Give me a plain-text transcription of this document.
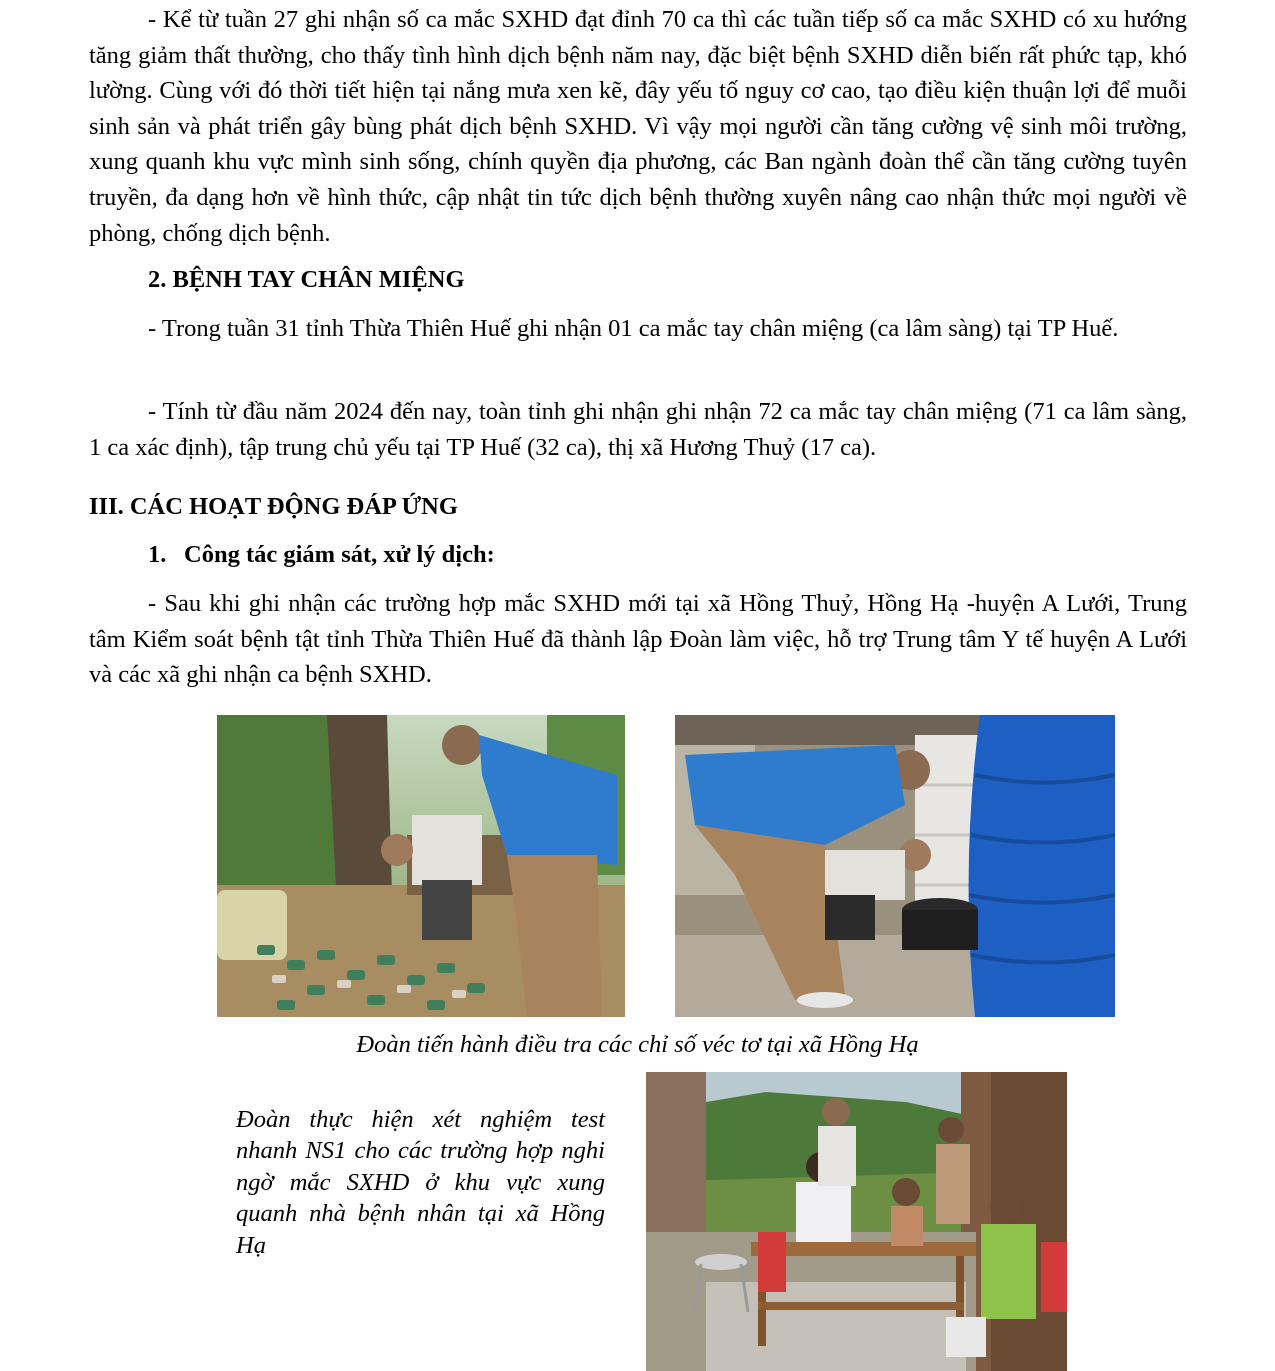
- Kể từ tuần 27 ghi nhận số ca mắc SXHD đạt đỉnh 70 ca thì các tuần tiếp số ca mắc SXHD có xu hướng tăng giảm thất thường, cho thấy tình hình dịch bệnh năm nay, đặc biệt bệnh SXHD diễn biến rất phức tạp, khó lường. Cùng với đó thời tiết hiện tại nắng mưa xen kẽ, đây yếu tố nguy cơ cao, tạo điều kiện thuận lợi để muỗi sinh sản và phát triển gây bùng phát dịch bệnh SXHD. Vì vậy mọi người cần tăng cường vệ sinh môi trường, xung quanh khu vực mình sinh sống, chính quyền địa phương, các Ban ngành đoàn thể cần tăng cường tuyên truyền, đa dạng hơn về hình thức, cập nhật tin tức dịch bệnh thường xuyên nâng cao nhận thức mọi người về phòng, chống dịch bệnh.

2. BỆNH TAY CHÂN MIỆNG

- Trong tuần 31 tỉnh Thừa Thiên Huế ghi nhận 01 ca mắc tay chân miệng (ca lâm sàng) tại TP Huế.

- Tính từ đầu năm 2024 đến nay, toàn tỉnh ghi nhận ghi nhận 72 ca mắc tay chân miệng (71 ca lâm sàng, 1 ca xác định), tập trung chủ yếu tại TP Huế (32 ca), thị xã Hương Thuỷ (17 ca).

III. CÁC HOẠT ĐỘNG ĐÁP ỨNG
1. Công tác giám sát, xử lý dịch:

- Sau khi ghi nhận các trường hợp mắc SXHD mới tại xã Hồng Thuỷ, Hồng Hạ -huyện A Lưới, Trung tâm Kiểm soát bệnh tật tỉnh Thừa Thiên Huế đã thành lập Đoàn làm việc, hỗ trợ Trung tâm Y tế huyện A Lưới và các xã ghi nhận ca bệnh SXHD.

Đoàn tiến hành điều tra các chỉ số véc tơ tại xã Hồng Hạ

Đoàn thực hiện xét nghiệm test nhanh NS1 cho các trường hợp nghi ngờ mắc SXHD ở khu vực xung quanh nhà bệnh nhân tại xã Hồng Hạ
